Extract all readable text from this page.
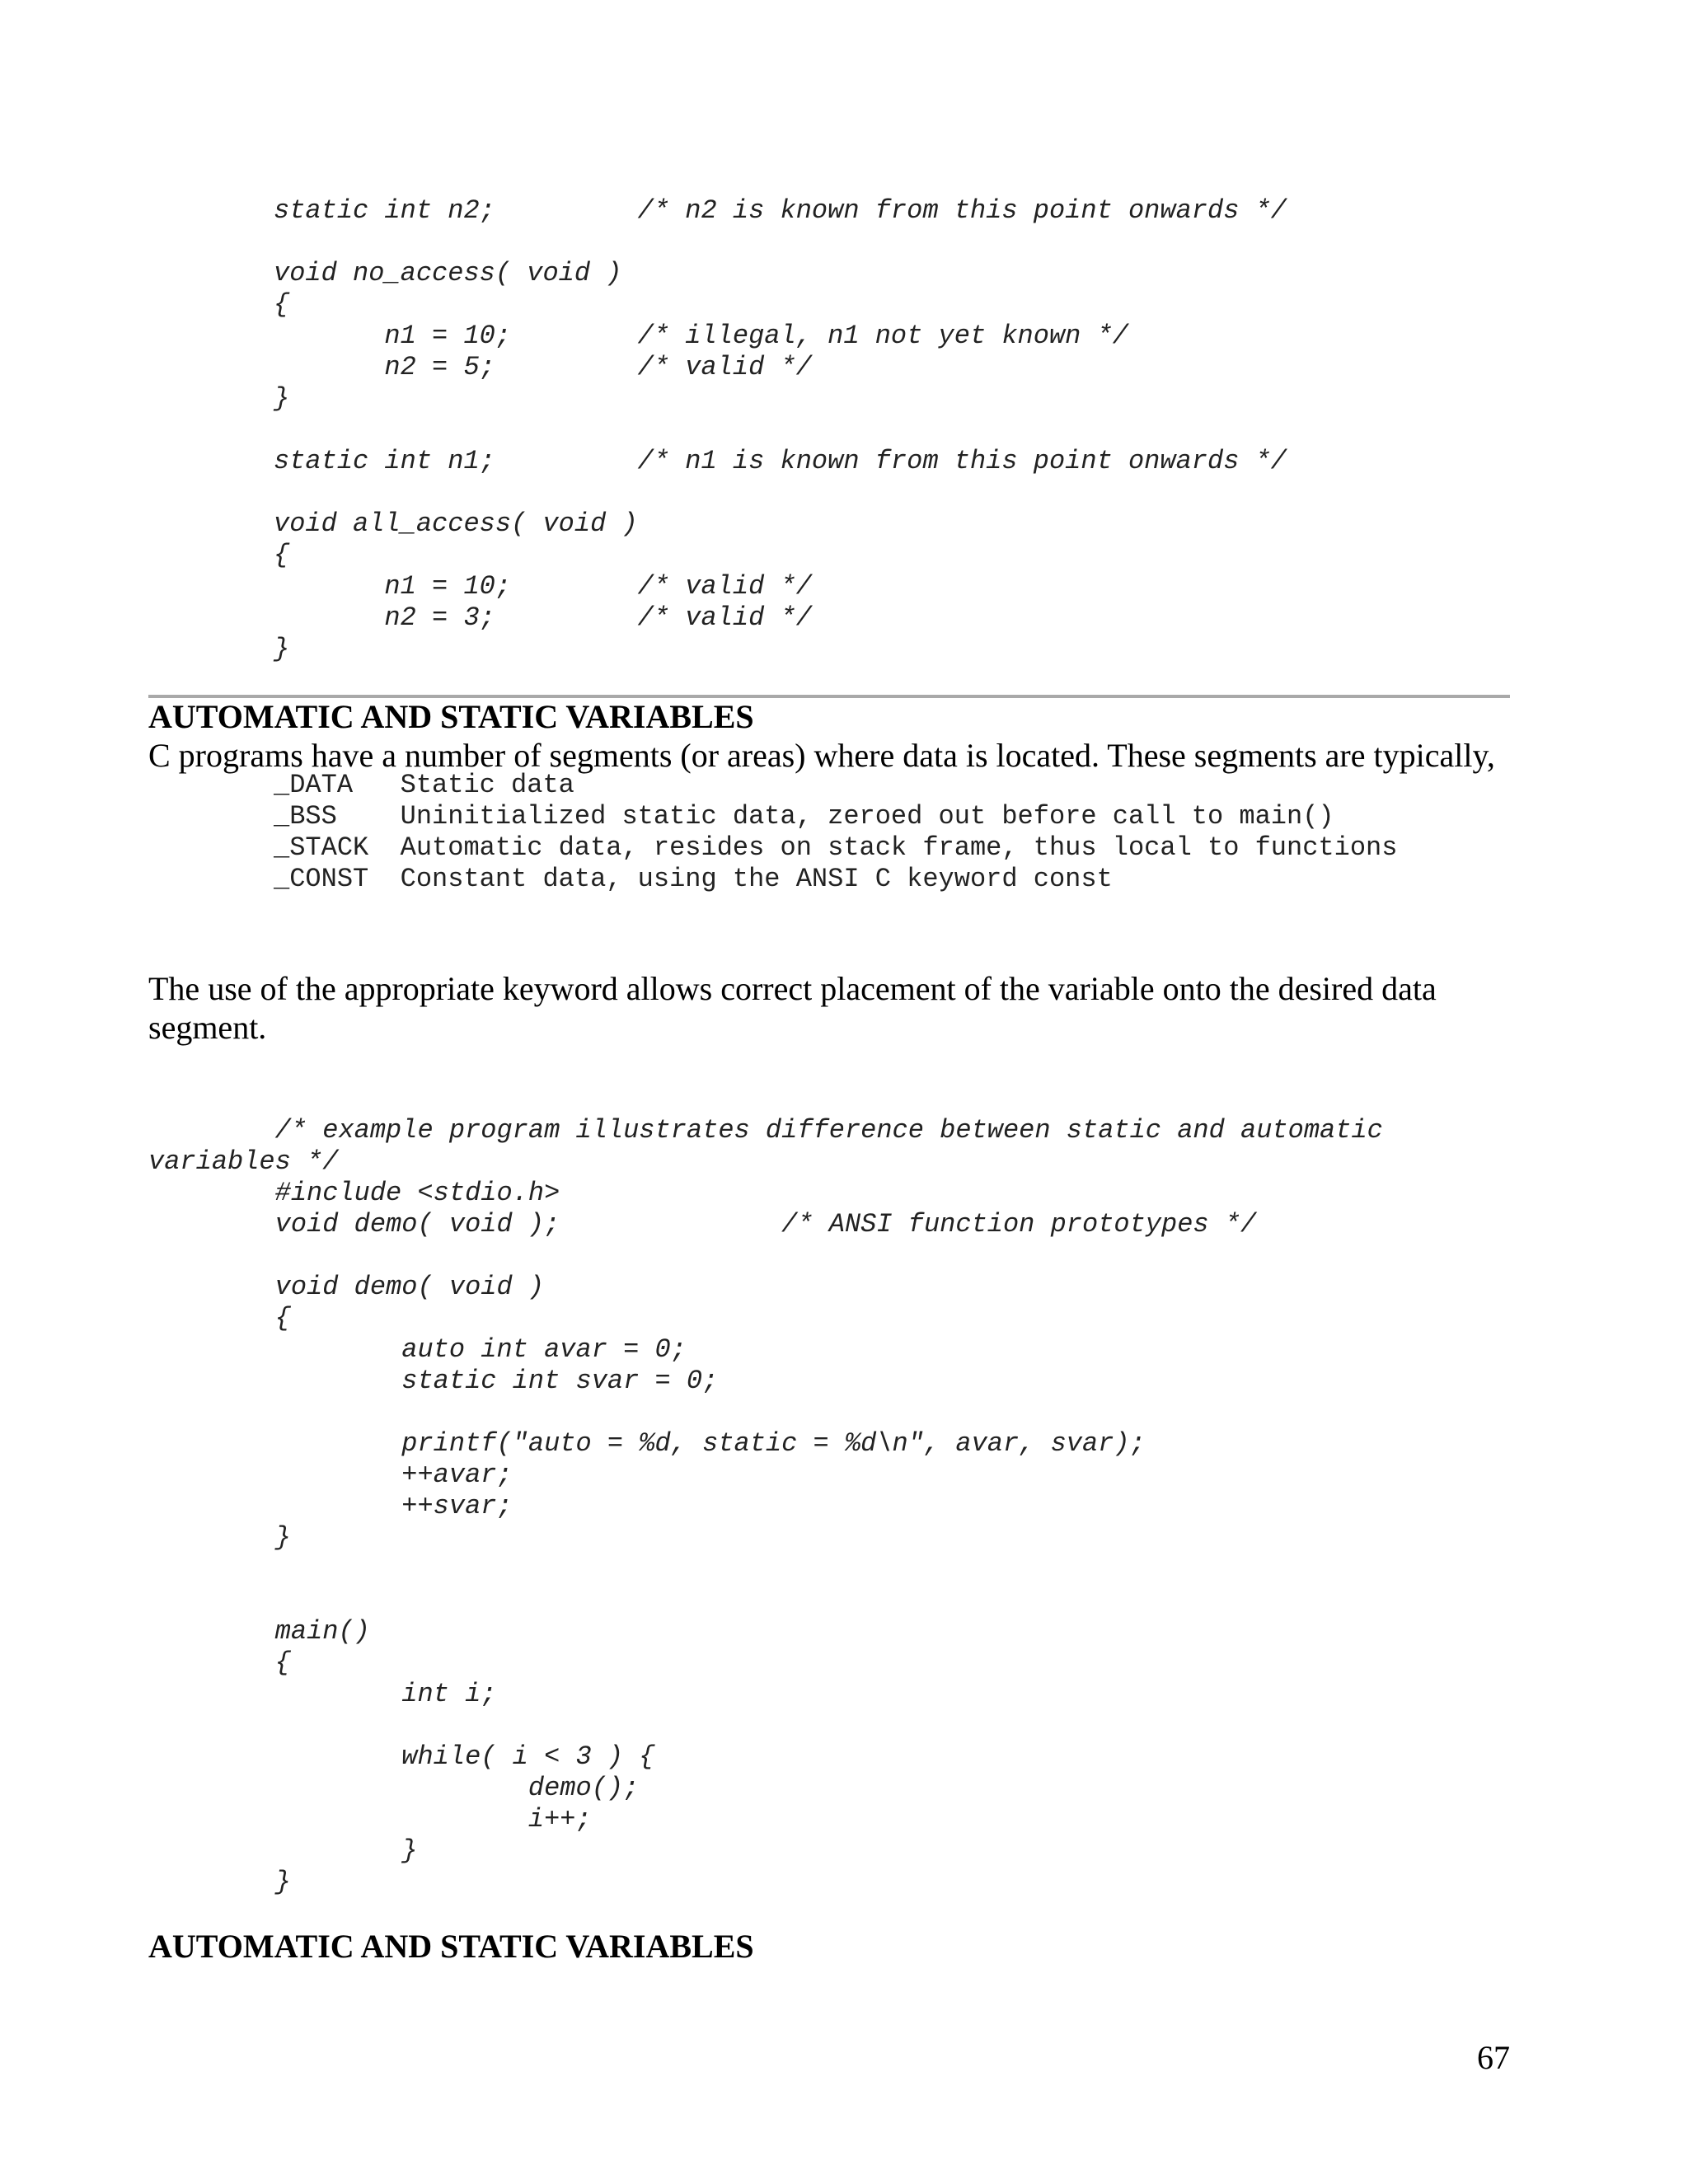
static int n2;         /* n2 is known from this point onwards */

void no_access( void )
{
n1 = 10;        /* illegal, n1 not yet known */
n2 = 5;         /* valid */
}

static int n1;         /* n1 is known from this point onwards */

void all_access( void )
{
n1 = 10;        /* valid */
n2 = 3;         /* valid */
}
AUTOMATIC AND STATIC VARIABLES

C programs have a number of segments (or areas) where data is located. These segments are typically,

_DATA   Static data
_BSS    Uninitialized static data, zeroed out before call to main()
_STACK  Automatic data, resides on stack frame, thus local to functions
_CONST  Constant data, using the ANSI C keyword const

The use of the appropriate keyword allows correct placement of the variable onto the desired data segment.

/* example program illustrates difference between static and automatic
variables */
#include <stdio.h>
void demo( void );              /* ANSI function prototypes */

void demo( void )
{
auto int avar = 0;
static int svar = 0;

printf("auto = %d, static = %d\n", avar, svar);
++avar;
++svar;
}

main()
{
int i;

while( i < 3 ) {
demo();
i++;
}
}
AUTOMATIC AND STATIC VARIABLES

67
